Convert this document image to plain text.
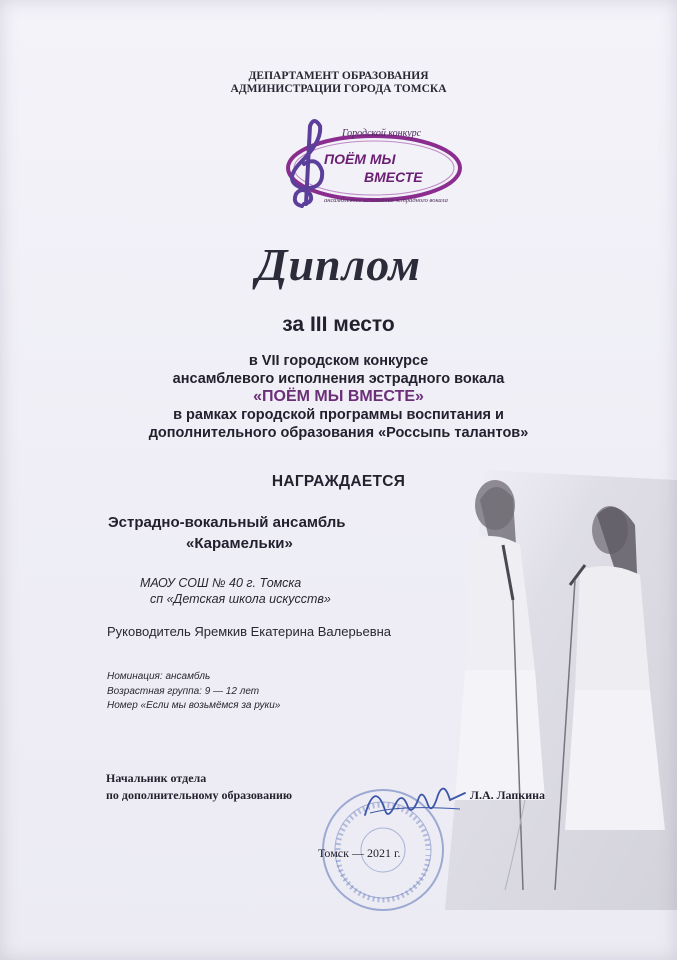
ДЕПАРТАМЕНТ ОБРАЗОВАНИЯ
АДМИНИСТРАЦИИ ГОРОДА ТОМСКА
Городской конкурс
ПОЁМ МЫ
ВМЕСТЕ
ансамблевого исполнения эстрадного вокала
Диплом
за III место
в VII городском конкурсе
ансамблевого исполнения эстрадного вокала
«ПОЁМ МЫ ВМЕСТЕ»
в рамках городской программы воспитания и
дополнительного образования «Россыпь талантов»
НАГРАЖДАЕТСЯ
Эстрадно-вокальный ансамбль
«Карамельки»
МАОУ СОШ № 40 г. Томска
сп «Детская школа искусств»
Руководитель Яремкив Екатерина Валерьевна
Номинация: ансамбль
Возрастная группа: 9 — 12 лет
Номер «Если мы возьмёмся за руки»
Начальник отдела
по дополнительному образованию	Л.А. Лапкина
Томск — 2021 г.
